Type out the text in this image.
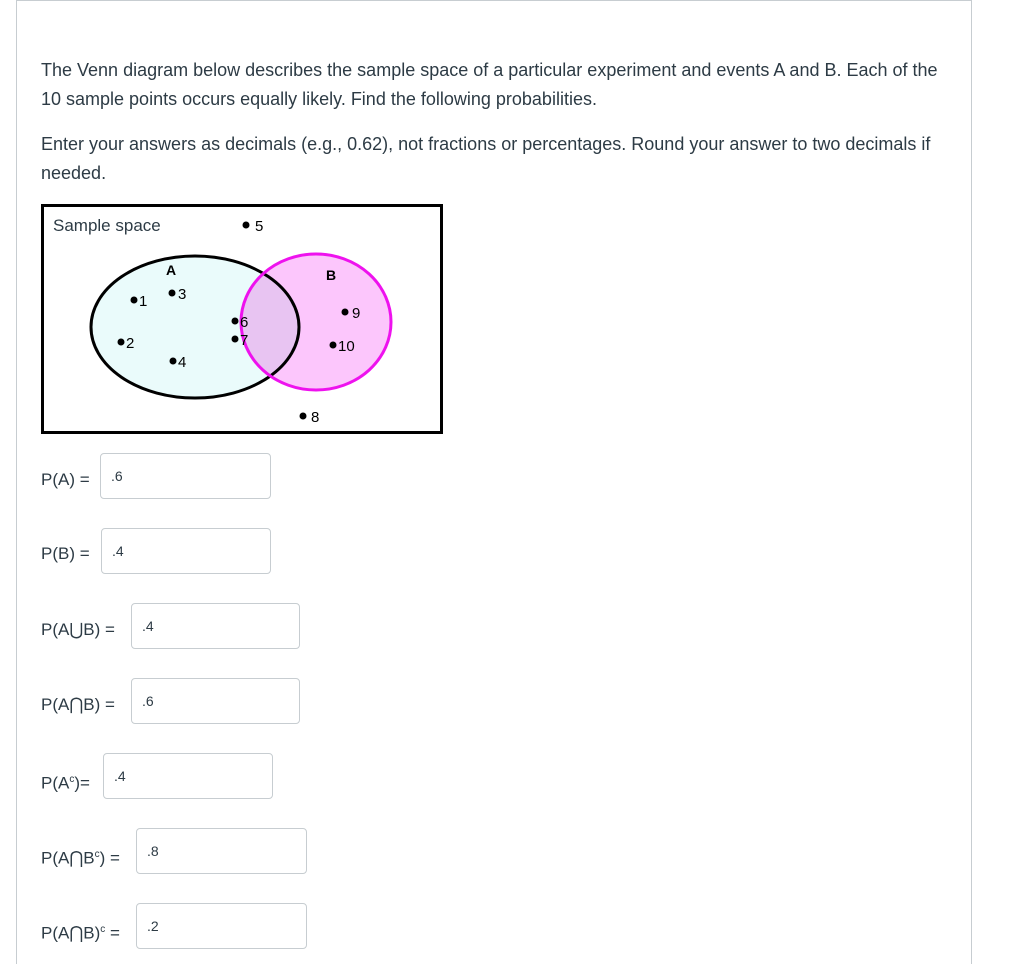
The Venn diagram below describes the sample space of a particular experiment and events A and B. Each of the 10 sample points occurs equally likely. Find the following probabilities.

Enter your answers as decimals (e.g., 0.62), not fractions or percentages. Round your answer to two decimals if needed.

Sample space
A	B
1
2
3
4
5
6
7
8
9
10
P(A) =	.6
P(B) =	.4
P(A⋃B) =	.4
P(A⋂B) =	.6
$P(A^c)=$	.4
$P(A⋂B^c)$ =	.8
P(A⋂B)$^c$ =	.2
